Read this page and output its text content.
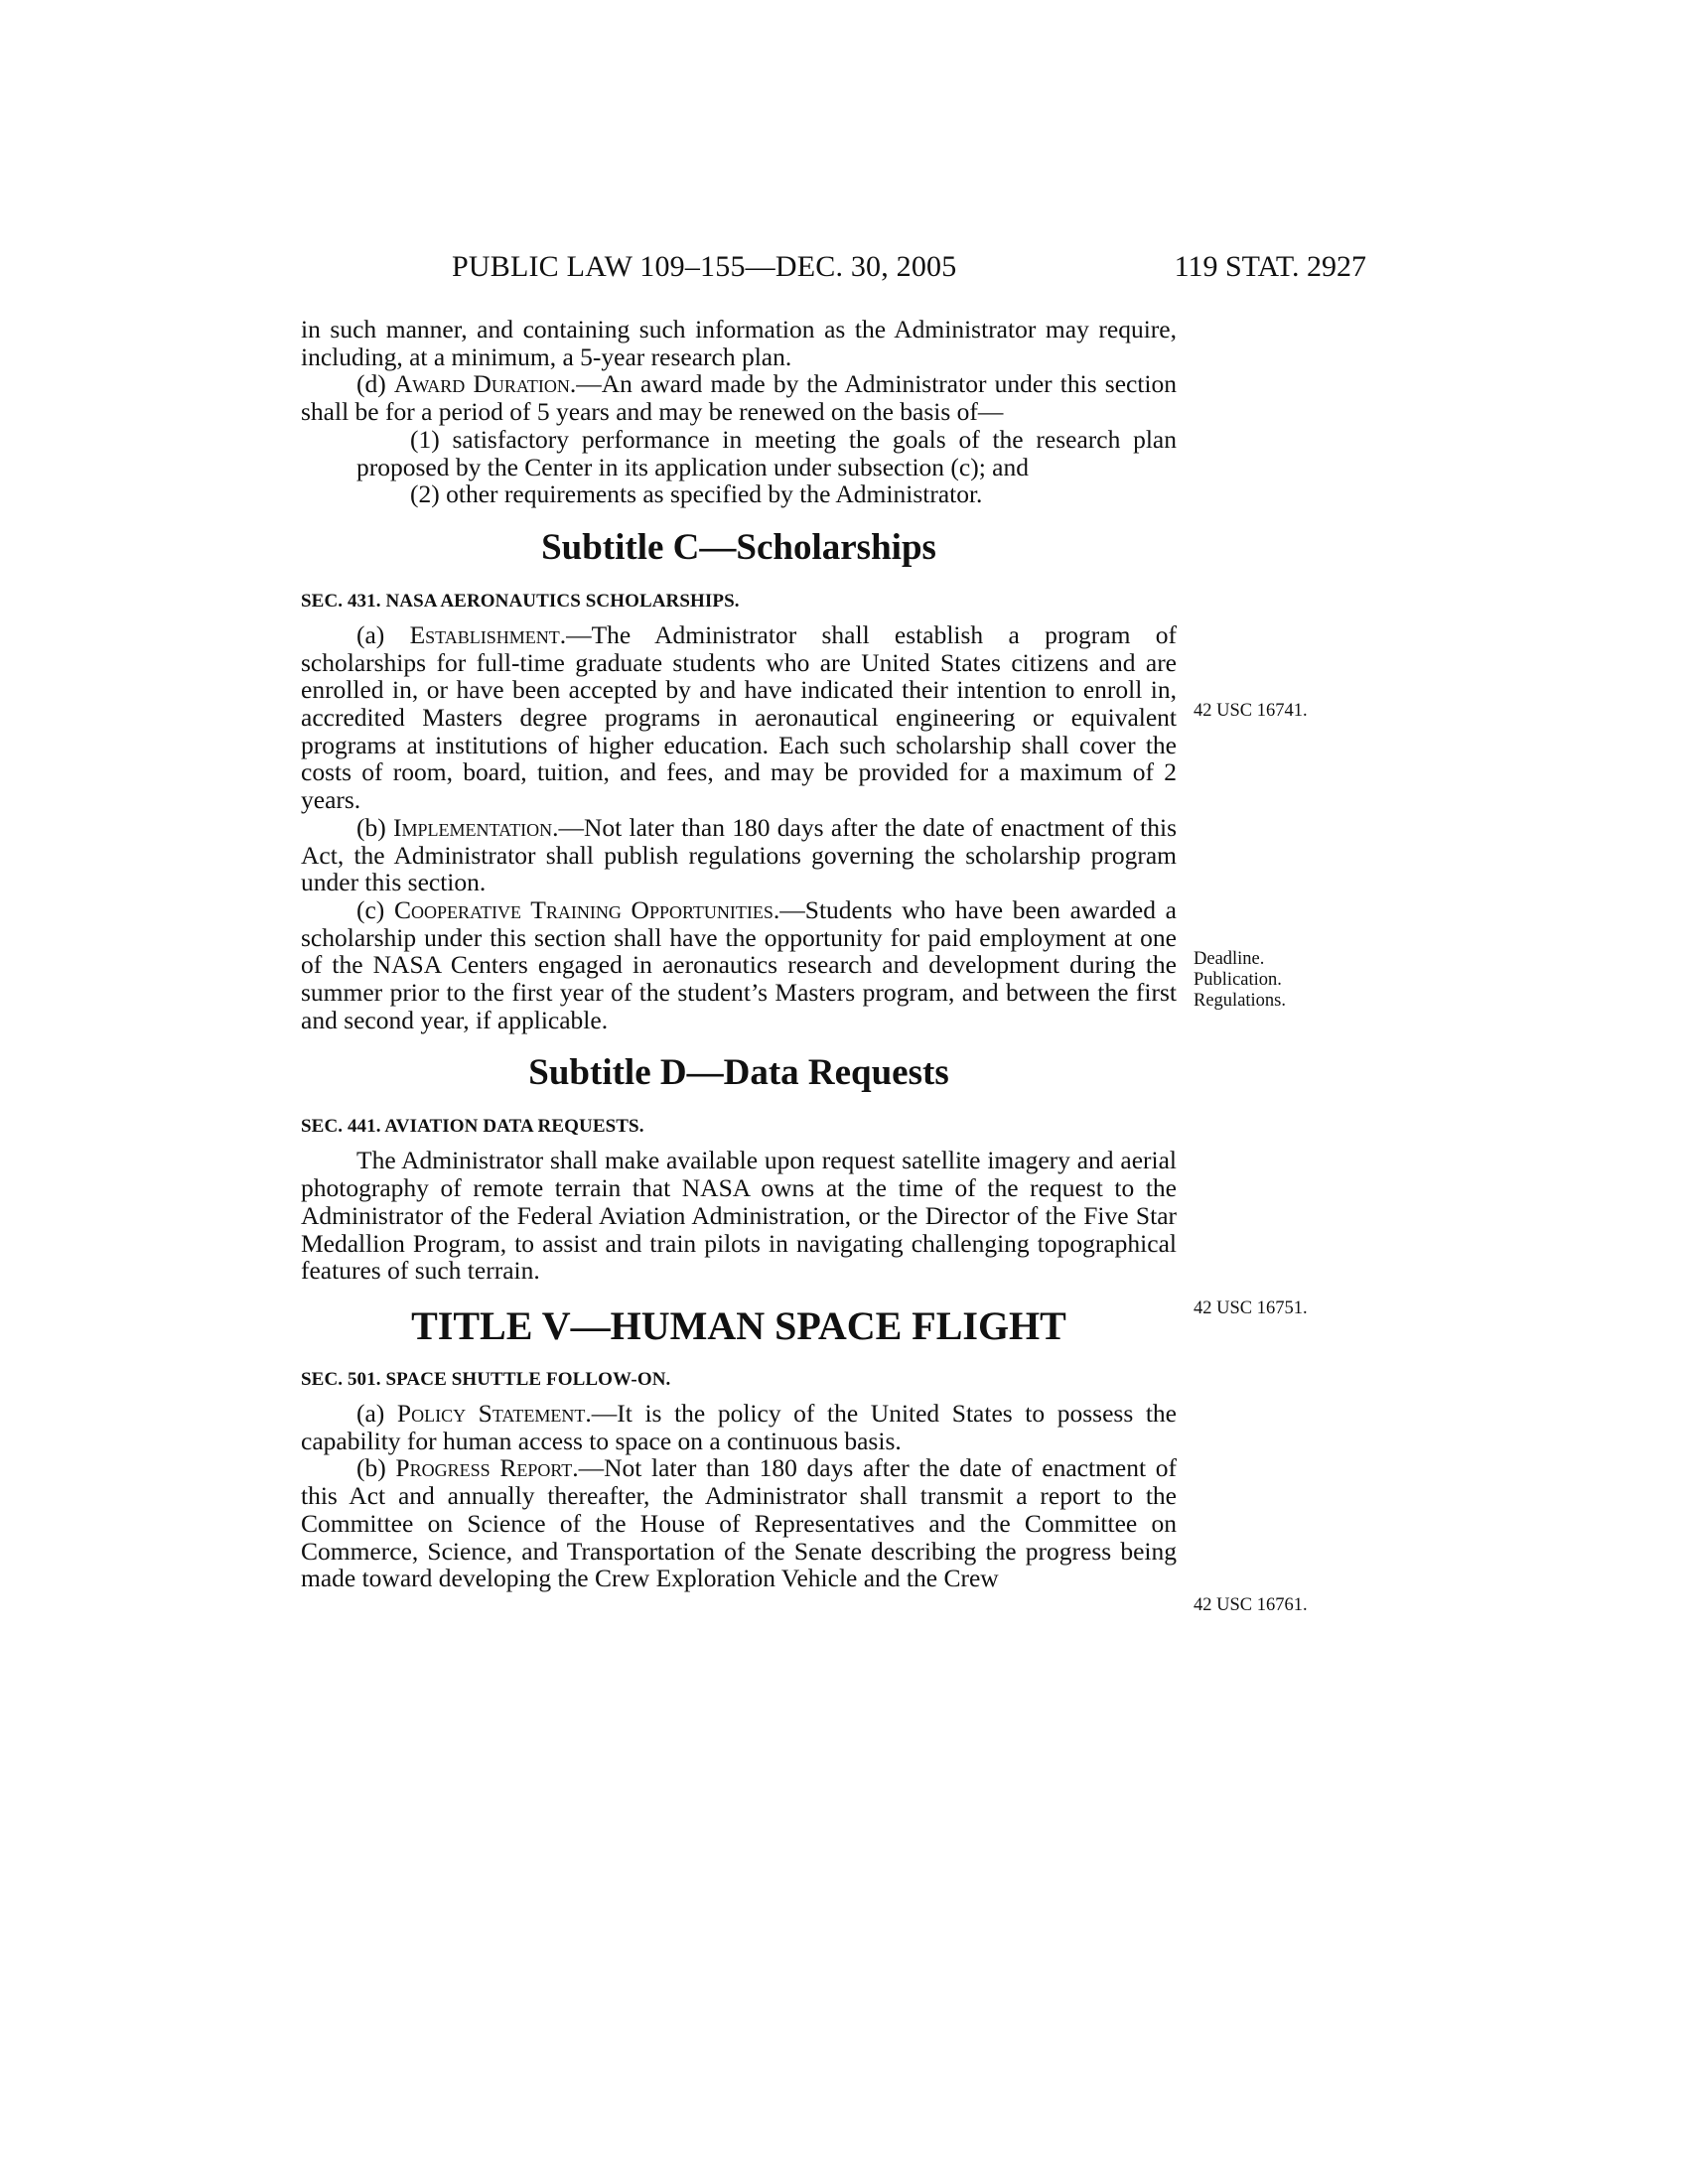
PUBLIC LAW 109–155—DEC. 30, 2005	119 STAT. 2927

in such manner, and containing such information as the Administrator may require, including, at a minimum, a 5-year research plan.

(d) Award Duration.—An award made by the Administrator under this section shall be for a period of 5 years and may be renewed on the basis of—

(1) satisfactory performance in meeting the goals of the research plan proposed by the Center in its application under subsection (c); and

(2) other requirements as specified by the Administrator.

Subtitle C—Scholarships

SEC. 431. NASA AERONAUTICS SCHOLARSHIPS.

(a) Establishment.—The Administrator shall establish a program of scholarships for full-time graduate students who are United States citizens and are enrolled in, or have been accepted by and have indicated their intention to enroll in, accredited Masters degree programs in aeronautical engineering or equivalent programs at institutions of higher education. Each such scholarship shall cover the costs of room, board, tuition, and fees, and may be provided for a maximum of 2 years.

(b) Implementation.—Not later than 180 days after the date of enactment of this Act, the Administrator shall publish regulations governing the scholarship program under this section.

(c) Cooperative Training Opportunities.—Students who have been awarded a scholarship under this section shall have the opportunity for paid employment at one of the NASA Centers engaged in aeronautics research and development during the summer prior to the first year of the student’s Masters program, and between the first and second year, if applicable.

Subtitle D—Data Requests

SEC. 441. AVIATION DATA REQUESTS.

The Administrator shall make available upon request satellite imagery and aerial photography of remote terrain that NASA owns at the time of the request to the Administrator of the Federal Aviation Administration, or the Director of the Five Star Medallion Program, to assist and train pilots in navigating challenging topographical features of such terrain.

TITLE V—HUMAN SPACE FLIGHT

SEC. 501. SPACE SHUTTLE FOLLOW-ON.

(a) Policy Statement.—It is the policy of the United States to possess the capability for human access to space on a continuous basis.

(b) Progress Report.—Not later than 180 days after the date of enactment of this Act and annually thereafter, the Administrator shall transmit a report to the Committee on Science of the House of Representatives and the Committee on Commerce, Science, and Transportation of the Senate describing the progress being made toward developing the Crew Exploration Vehicle and the Crew

42 USC 16741.
Deadline.
Publication.
Regulations.
42 USC 16751.
42 USC 16761.
